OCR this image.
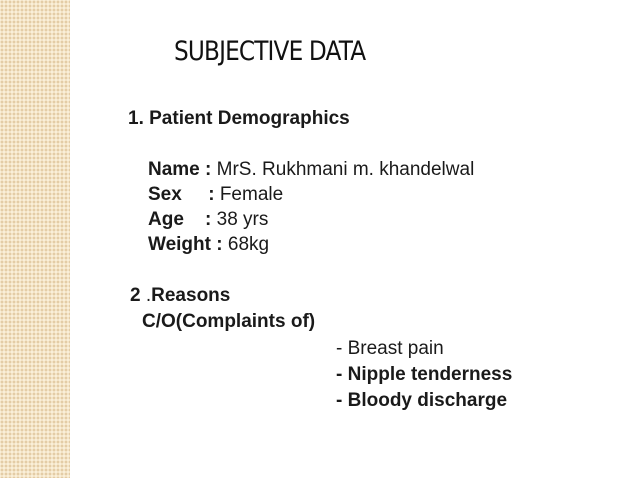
SUBJECTIVE DATA
1. Patient Demographics
Name : MrS. Rukhmani m. khandelwal
Sex     : Female
Age    : 38 yrs
Weight : 68kg
2 .Reasons
C/O(Complaints of)
- Breast pain
- Nipple tenderness
- Bloody discharge
